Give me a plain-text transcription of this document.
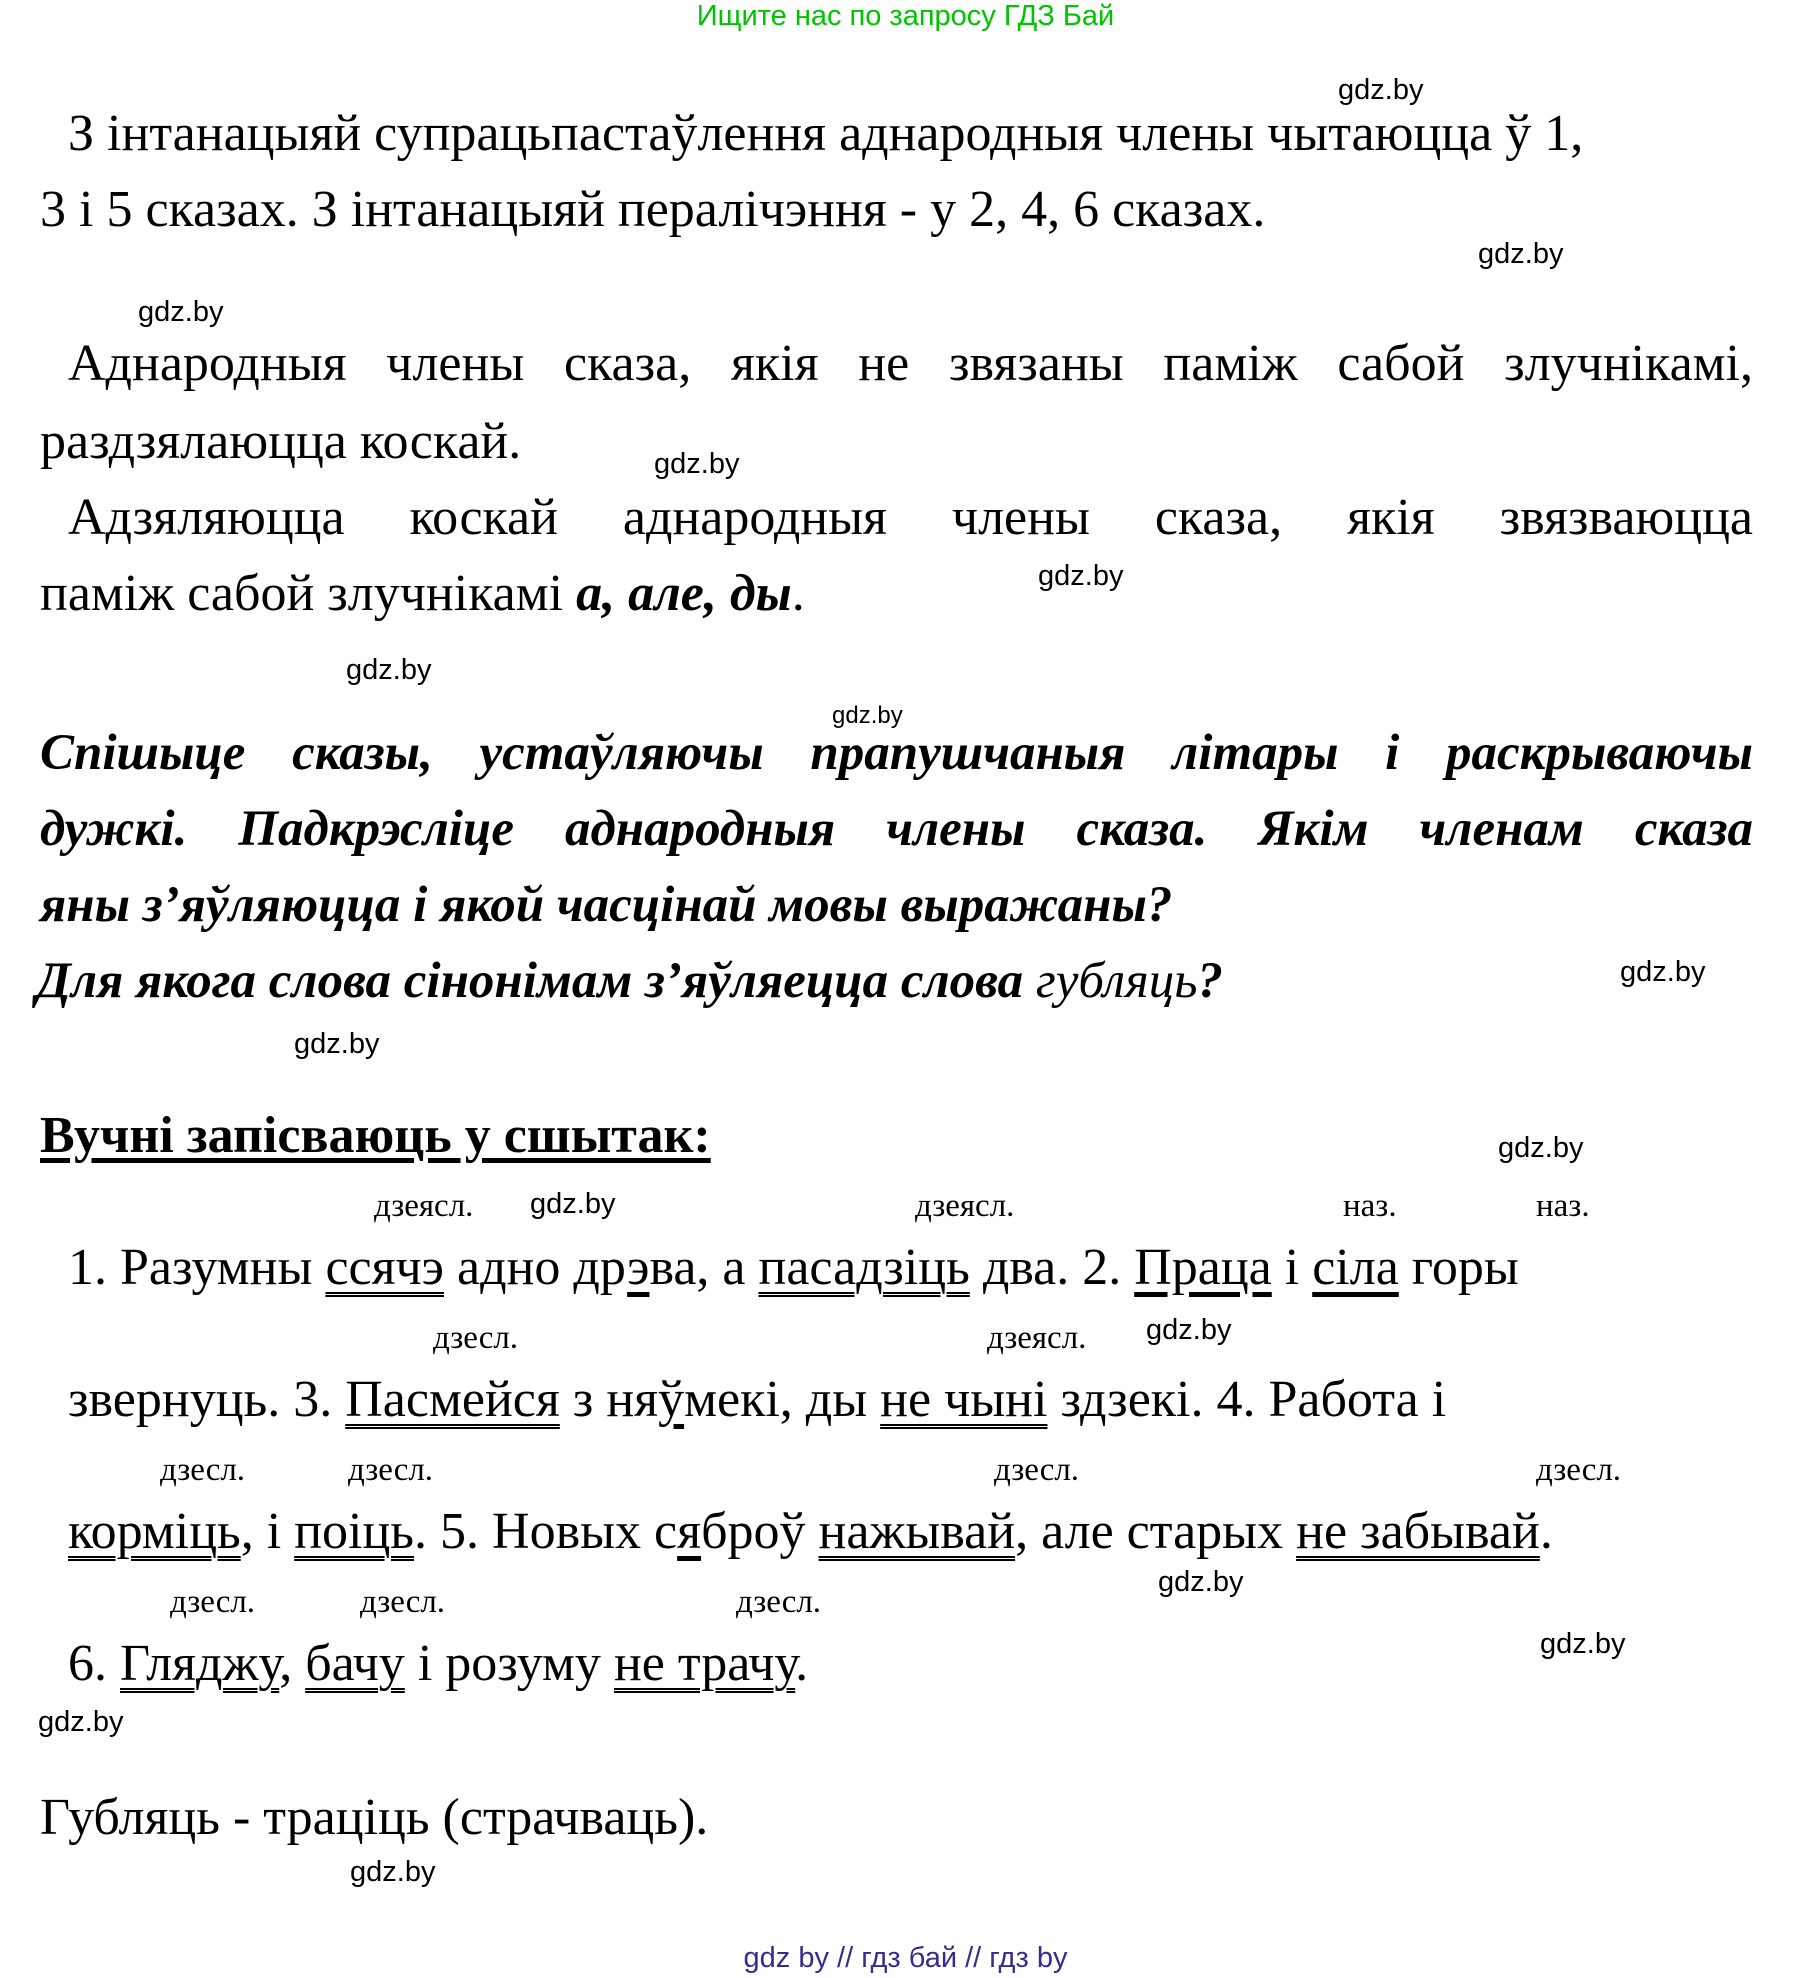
Ищите нас по запросу ГДЗ Бай
З інтанацыяй супрацьпастаўлення аднародныя члены чытаюцца ў 1,
3 і 5 сказах. З інтанацыяй пералічэння - у 2, 4, 6 сказах.
Аднародныя члены сказа, якія не звязаны паміж сабой злучнікамі,
раздзялаюцца коскай.
Адзяляюцца коскай аднародныя члены сказа, якія звязваюцца
паміж сабой злучнікамі а, але, ды.
Спішыце сказы, устаўляючы прапушчаныя літары і раскрываючы
дужкі. Падкрэсліце аднародныя члены сказа. Якім членам сказа
яны з’яўляюцца і якой часцінай мовы выражаны?
Для якога слова сінонімам з’яўляецца слова губляць?
Вучні запісваюць у сшытак:
дзеясл.	дзеясл.	наз.	наз.
1. Разумны ссячэ адно дрэва, а пасадзіць два. 2. Праца і сіла горы
дзесл.	дзеясл.
звернуць. 3. Пасмейся з няўмекі, ды не чыні здзекі. 4. Работа і
дзесл.	дзесл.	дзесл.	дзесл.
корміць, і поіць. 5. Новых сяброў нажывай, але старых не забывай.
дзесл.	дзесл.	дзесл.
6. Гляджу, бачу і розуму не трачу.
Губляць - траціць (страчваць).
gdz.by
gdz.by
gdz.by
gdz.by
gdz.by
gdz.by
gdz.by
gdz.by
gdz.by
gdz.by
gdz.by
gdz.by
gdz.by
gdz.by
gdz.by
gdz.by
gdz by // гдз бай // гдз by
